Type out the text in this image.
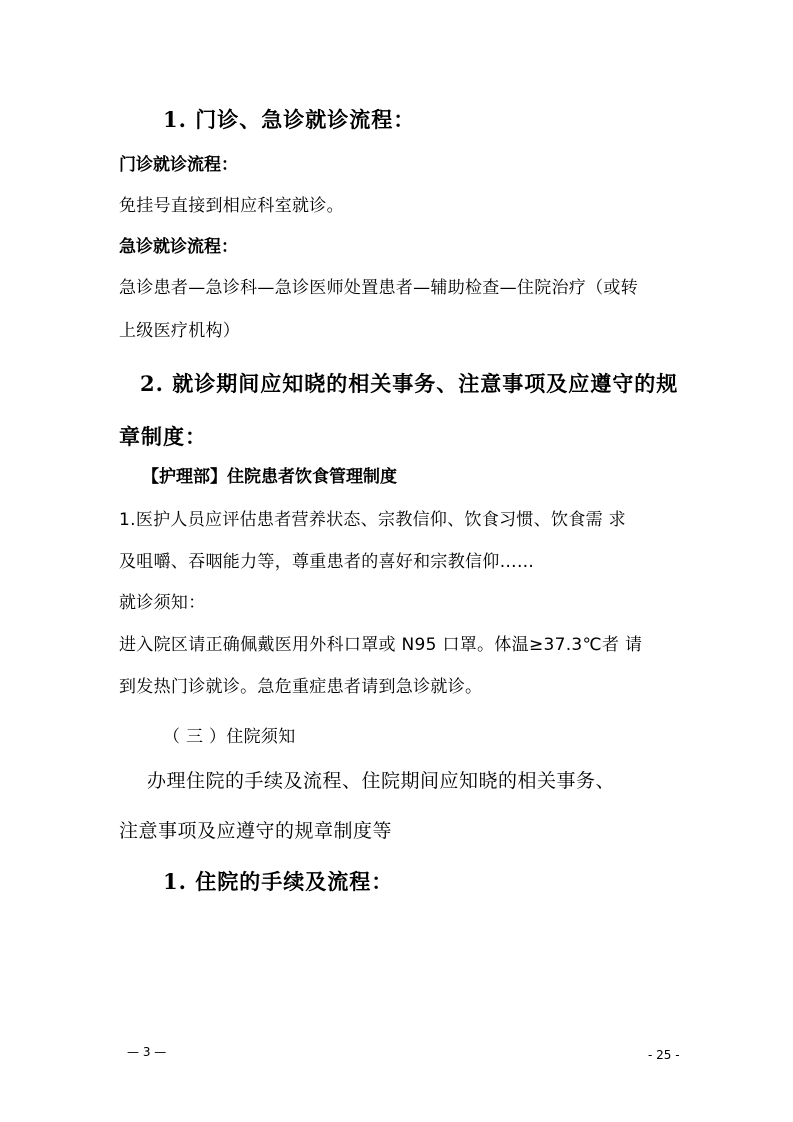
1. 门诊、急诊就诊流程：
门诊就诊流程：
免挂号直接到相应科室就诊。
急诊就诊流程：
急诊患者—急诊科—急诊医师处置患者—辅助检查—住院治疗（或转
上级医疗机构）
2. 就诊期间应知晓的相关事务、注意事项及应遵守的规
章制度：
【护理部】住院患者饮食管理制度
1.医护人员应评估患者营养状态、宗教信仰、饮食习惯、饮食需 求
及咀嚼、吞咽能力等，尊重患者的喜好和宗教信仰……
就诊须知：
进入院区请正确佩戴医用外科口罩或 N95 口罩。体温≥37.3℃者 请
到发热门诊就诊。急危重症患者请到急诊就诊。
（ 三 ）住院须知
办理住院的手续及流程、住院期间应知晓的相关事务、
注意事项及应遵守的规章制度等
1. 住院的手续及流程：
— 3 —	- 25 -
